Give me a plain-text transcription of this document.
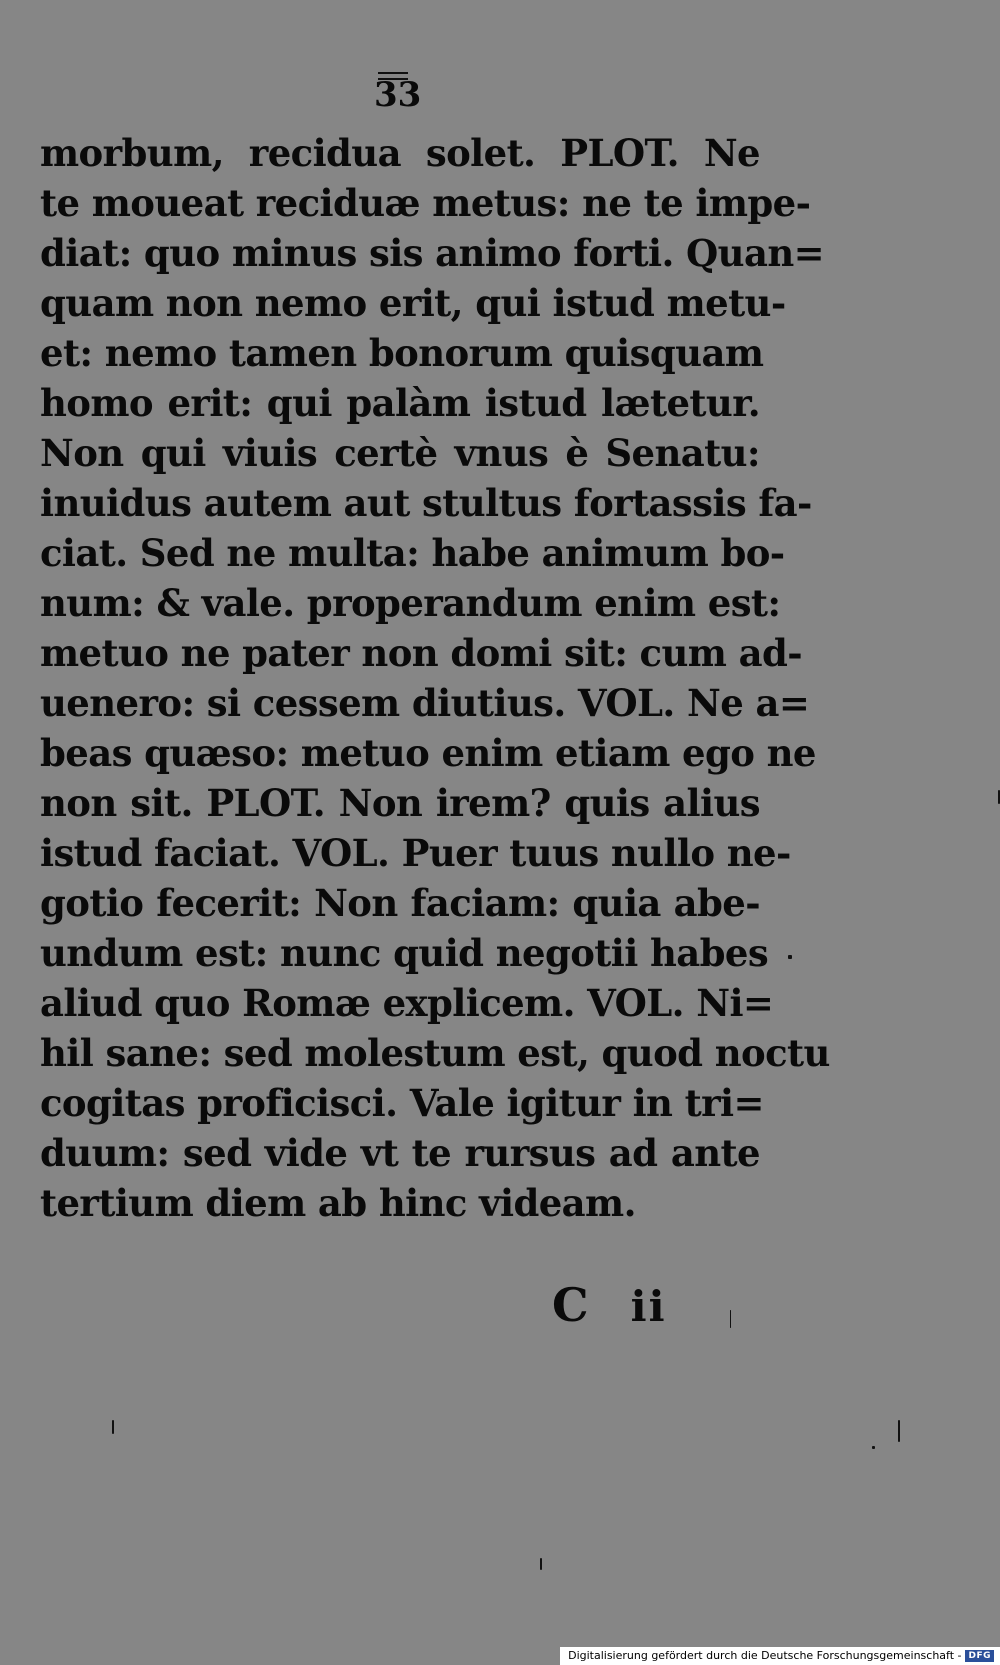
33
morbum, recidua solet. PLOT. Ne
te moueat reciduæ metus: ne te impe-
diat: quo minus sis animo forti. Quan=
quam non nemo erit, qui istud metu-
et: nemo tamen bonorum quisquam
homo erit: qui palàm istud lætetur.
Non qui viuis certè vnus è Senatu:
inuidus autem aut stultus fortassis fa-
ciat. Sed ne multa: habe animum bo-
num: & vale. properandum enim est:
metuo ne pater non domi sit: cum ad-
uenero: si cessem diutius. VOL. Ne a=
beas quæso: metuo enim etiam ego ne
non sit. PLOT. Non irem? quis alius
istud faciat. VOL. Puer tuus nullo ne-
gotio fecerit: Non faciam: quia abe-
undum est: nunc quid negotii habes
aliud quo Romæ explicem. VOL. Ni=
hil sane: sed molestum est, quod noctu
cogitas proficisci. Vale igitur in tri=
duum: sed vide vt te rursus ad ante
tertium diem ab hinc videam.
C ii
Digitalisierung gefördert durch die Deutsche Forschungsgemeinschaft - DFG
